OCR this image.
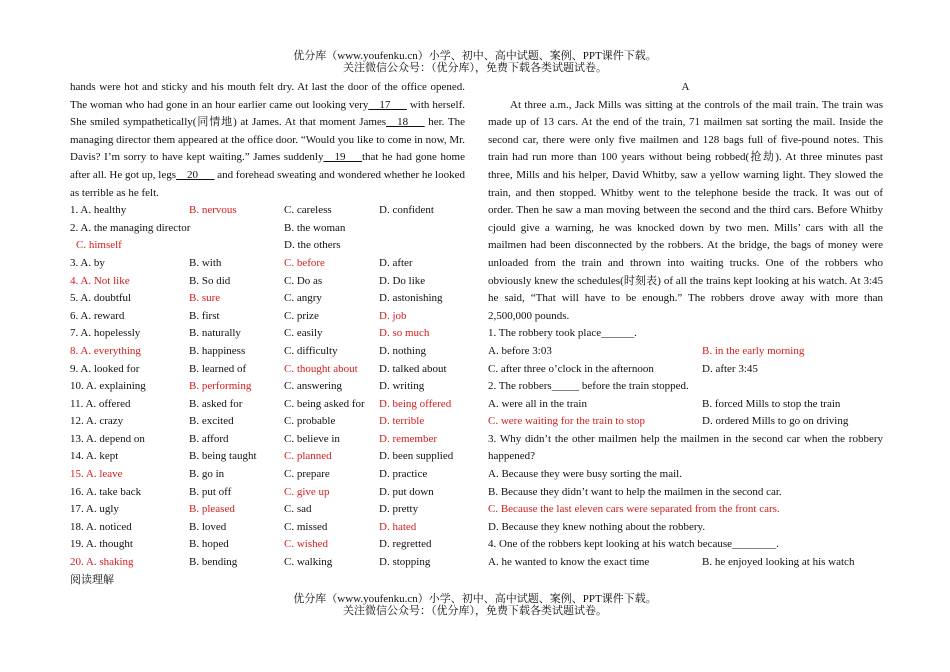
优分库（www.youfenku.cn）小学、初中、高中试题、案例、PPT课件下载。
关注微信公众号：（优分库），免费下载各类试题试卷。
hands were hot and sticky and his mouth felt dry. At last the door of the office opened. The woman who had gone in an hour earlier came out looking very__17___ with herself. She smiled sympathetically(同情地) at James. At that moment James__18___ her. The managing director them appeared at the office door. “Would you like to come in now, Mr. Davis? I’m sorry to have kept waiting.” James suddenly__19___that he had gone home after all. He got up, legs__20___ and forehead sweating and wondered whether he looked as terrible as he felt.
1. A. healthy	B. nervous	C. careless	D. confident
2. A. the managing director	B. the woman
C. himself	D. the others
3. A. by	B. with	C. before	D. after
4. A. Not like	B. So did	C. Do as	D. Do like
5. A. doubtful	B. sure	C. angry	D. astonishing
6. A. reward	B. first	C. prize	D. job
7. A. hopelessly	B. naturally	C. easily	D. so much
8. A. everything	B. happiness	C. difficulty	D. nothing
9. A. looked for	B. learned of	C. thought about	D. talked about
10. A. explaining	B. performing	C. answering	D. writing
11. A. offered	B. asked for	C. being asked for	D. being offered
12. A. crazy	B. excited	C. probable	D. terrible
13. A. depend on	B. afford	C. believe in	D. remember
14. A. kept	B. being taught	C. planned	D. been supplied
15. A. leave	B. go in	C. prepare	D. practice
16. A. take back	B. put off	C. give up	D. put down
17. A. ugly	B. pleased	C. sad	D. pretty
18. A. noticed	B. loved	C. missed	D. hated
19. A. thought	B. hoped	C. wished	D. regretted
20. A. shaking	B. bending	C. walking	D. stopping
阅读理解
A
At three a.m., Jack Mills was sitting at the controls of the mail train. The train was made up of 13 cars. At the end of the train, 71 mailmen sat sorting the mail. Inside the second car, there were only five mailmen and 128 bags full of five-pound notes. This train had run more than 100 years without being robbed(抢劫). At three minutes past three, Mills and his helper, David Whitby, saw a yellow warning light. They slowed the train, and then stopped. Whitby went to the telephone beside the track. It was out of order. Then he saw a man moving between the second and the third cars. Before Whitby cjould give a warning, he was knocked down by two men. Mills’ cars with all the mailmen had been disconnected by the robbers. At the bridge, the bags of money were unloaded from the train and thrown into waiting trucks. One of the robbers who obviously knew the schedules(时刻表) of all the trains kept looking at his watch. At 3:45 he said, “That will have to be enough.” The robbers drove away with more than 2,500,000 pounds.
1. The robbery took place______.
A. before 3:03	B. in the early morning
C. after three o’clock in the afternoon	D. after 3:45
2. The robbers_____ before the train stopped.
A. were all in the train	B. forced Mills to stop the train
C. were waiting for the train to stop	D. ordered Mills to go on driving
3. Why didn’t the other mailmen help the mailmen in the second car when the robbery happened?
A. Because they were busy sorting the mail.
B. Because they didn’t want to help the mailmen in the second car.
C. Because the last eleven cars were separated from the front cars.
D. Because they knew nothing about the robbery.
4. One of the robbers kept looking at his watch because________.
A. he wanted to know the exact time	B. he enjoyed looking at his watch
优分库（www.youfenku.cn）小学、初中、高中试题、案例、PPT课件下载。
关注微信公众号：（优分库），免费下载各类试题试卷。
